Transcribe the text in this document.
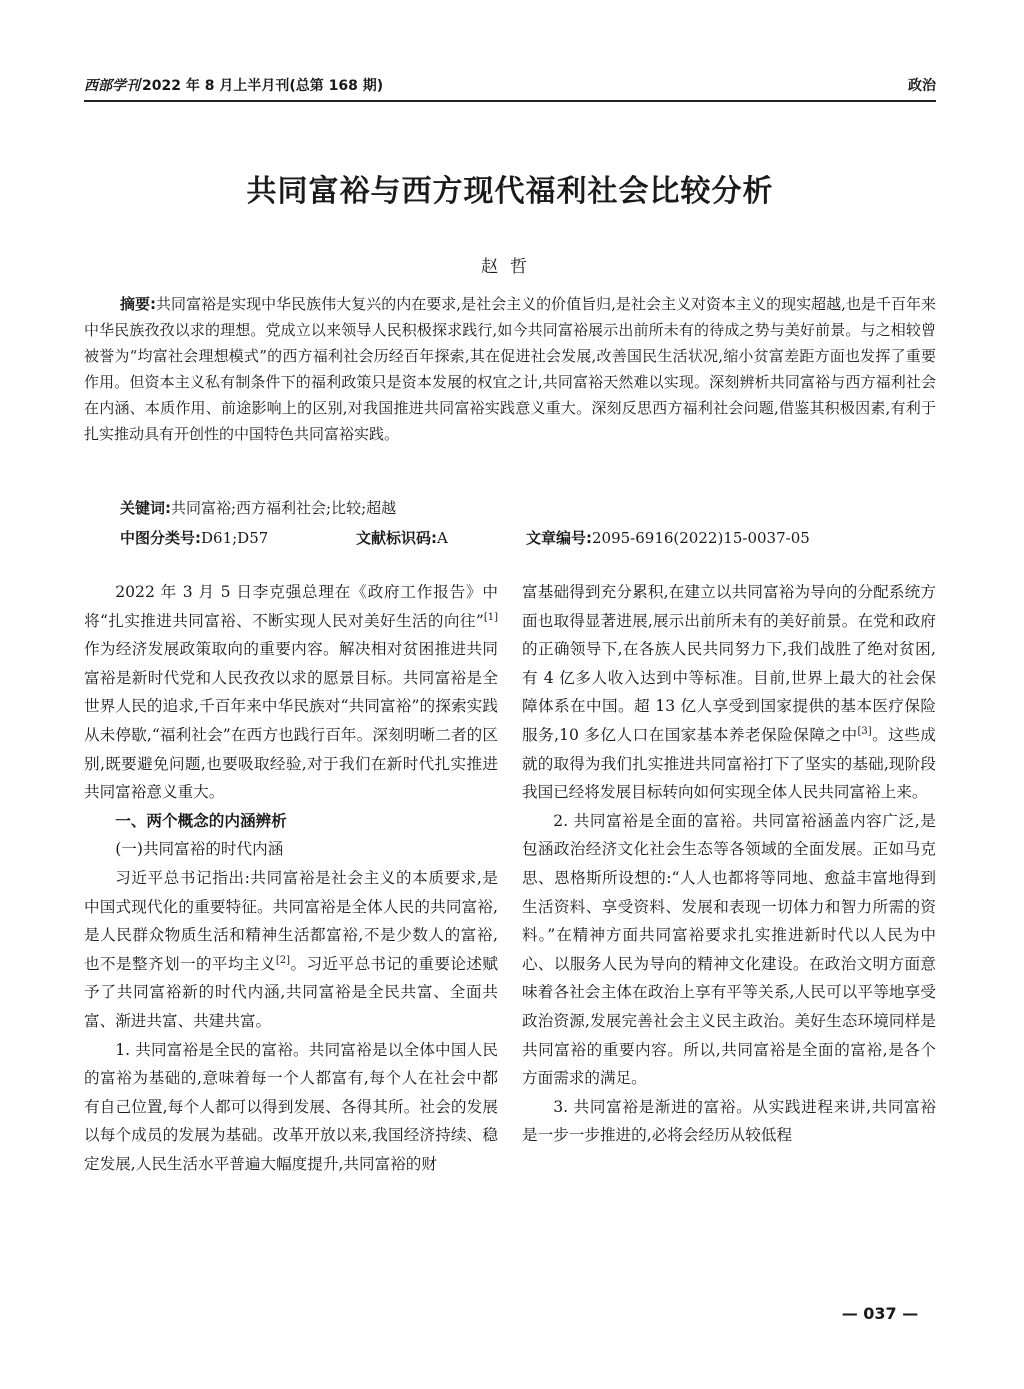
西部学刊 2022 年 8 月上半月刊(总第 168 期)	政治
共同富裕与西方现代福利社会比较分析
赵哲
摘要:共同富裕是实现中华民族伟大复兴的内在要求,是社会主义的价值旨归,是社会主义对资本主义的现实超越,也是千百年来中华民族孜孜以求的理想。党成立以来领导人民积极探求践行,如今共同富裕展示出前所未有的待成之势与美好前景。与之相较曾被誉为“均富社会理想模式”的西方福利社会历经百年探索,其在促进社会发展,改善国民生活状况,缩小贫富差距方面也发挥了重要作用。但资本主义私有制条件下的福利政策只是资本发展的权宜之计,共同富裕天然难以实现。深刻辨析共同富裕与西方福利社会在内涵、本质作用、前途影响上的区别,对我国推进共同富裕实践意义重大。深刻反思西方福利社会问题,借鉴其积极因素,有利于扎实推动具有开创性的中国特色共同富裕实践。
关键词:共同富裕;西方福利社会;比较;超越
中图分类号:D61;D57	文献标识码:A	文章编号:2095-6916(2022)15-0037-05

2022 年 3 月 5 日李克强总理在《政府工作报告》中将“扎实推进共同富裕、不断实现人民对美好生活的向往”[1]作为经济发展政策取向的重要内容。解决相对贫困推进共同富裕是新时代党和人民孜孜以求的愿景目标。共同富裕是全世界人民的追求,千百年来中华民族对“共同富裕”的探索实践从未停歇,“福利社会”在西方也践行百年。深刻明晰二者的区别,既要避免问题,也要吸取经验,对于我们在新时代扎实推进共同富裕意义重大。

一、两个概念的内涵辨析

(一)共同富裕的时代内涵

习近平总书记指出:共同富裕是社会主义的本质要求,是中国式现代化的重要特征。共同富裕是全体人民的共同富裕,是人民群众物质生活和精神生活都富裕,不是少数人的富裕,也不是整齐划一的平均主义[2]。习近平总书记的重要论述赋予了共同富裕新的时代内涵,共同富裕是全民共富、全面共富、渐进共富、共建共富。

1. 共同富裕是全民的富裕。共同富裕是以全体中国人民的富裕为基础的,意味着每一个人都富有,每个人在社会中都有自己位置,每个人都可以得到发展、各得其所。社会的发展以每个成员的发展为基础。改革开放以来,我国经济持续、稳定发展,人民生活水平普遍大幅度提升,共同富裕的财

富基础得到充分累积,在建立以共同富裕为导向的分配系统方面也取得显著进展,展示出前所未有的美好前景。在党和政府的正确领导下,在各族人民共同努力下,我们战胜了绝对贫困,有 4 亿多人收入达到中等标准。目前,世界上最大的社会保障体系在中国。超 13 亿人享受到国家提供的基本医疗保险服务,10 多亿人口在国家基本养老保险保障之中[3]。这些成就的取得为我们扎实推进共同富裕打下了坚实的基础,现阶段我国已经将发展目标转向如何实现全体人民共同富裕上来。

2. 共同富裕是全面的富裕。共同富裕涵盖内容广泛,是包涵政治经济文化社会生态等各领域的全面发展。正如马克思、恩格斯所设想的:“人人也都将等同地、愈益丰富地得到生活资料、享受资料、发展和表现一切体力和智力所需的资料。”在精神方面共同富裕要求扎实推进新时代以人民为中心、以服务人民为导向的精神文化建设。在政治文明方面意味着各社会主体在政治上享有平等关系,人民可以平等地享受政治资源,发展完善社会主义民主政治。美好生态环境同样是共同富裕的重要内容。所以,共同富裕是全面的富裕,是各个方面需求的满足。

3. 共同富裕是渐进的富裕。从实践进程来讲,共同富裕是一步一步推进的,必将会经历从较低程

— 037 —
